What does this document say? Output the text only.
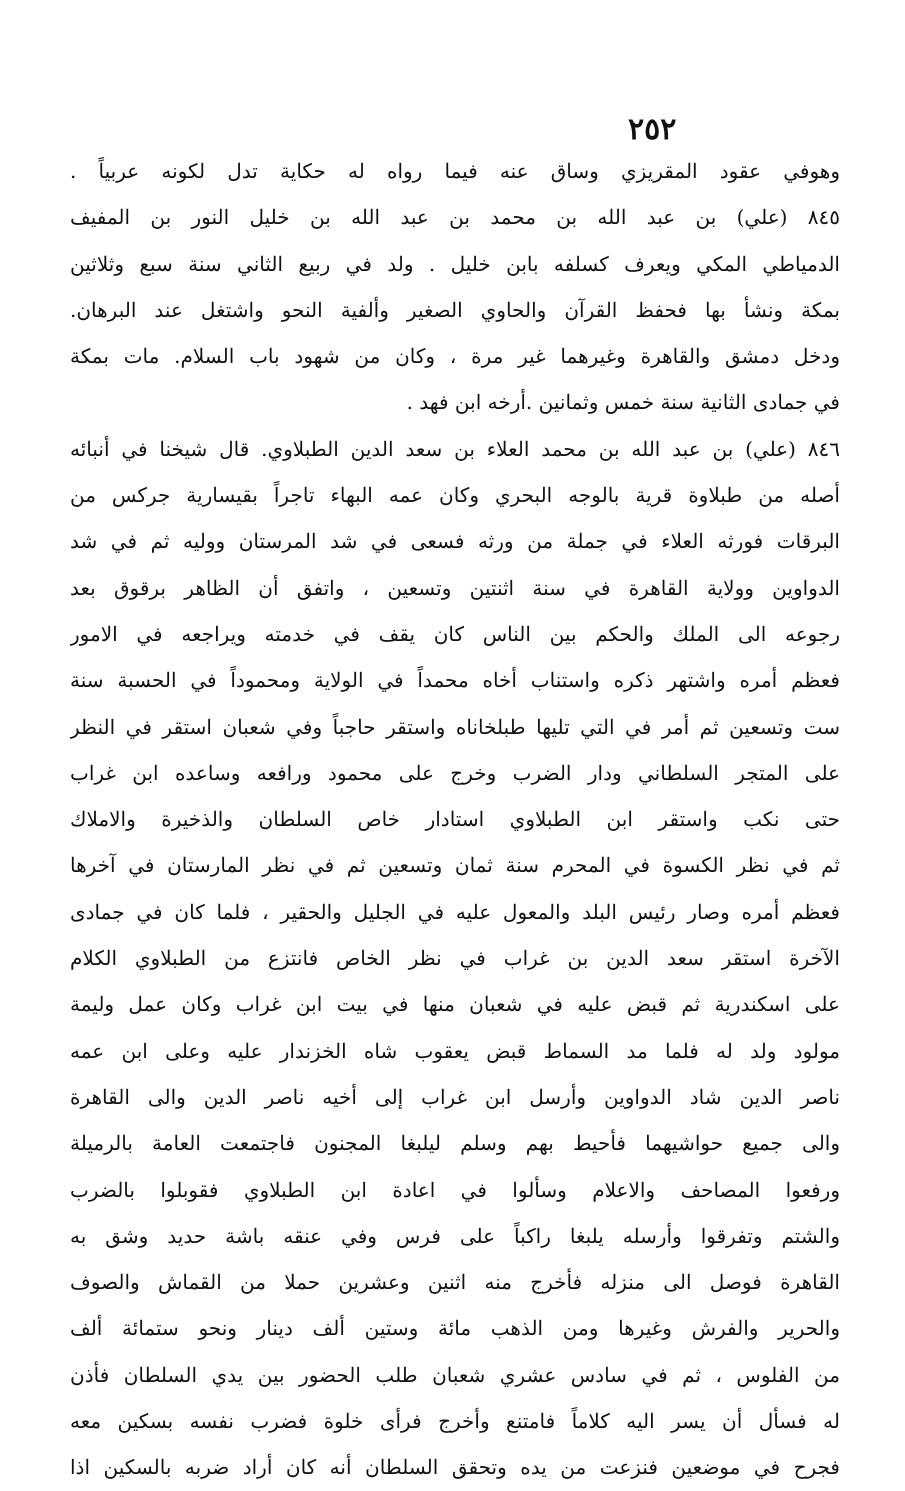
٢٥٢
وهوفي عقود المقريزي وساق عنه فيما رواه له حكاية تدل لكونه عربياً .
٨٤٥ (علي) بن عبد الله بن محمد بن عبد الله بن خليل النور بن المفيف
الدمياطي المكي ويعرف كسلفه بابن خليل . ولد في ربيع الثاني سنة سبع وثلاثين
بمكة ونشأ بها فحفظ القرآن والحاوي الصغير وألفية النحو واشتغل عند البرهان.
ودخل دمشق والقاهرة وغيرهما غير مرة ، وكان من شهود باب السلام. مات بمكة
في جمادى الثانية سنة خمس وثمانين .أرخه ابن فهد .
٨٤٦ (علي) بن عبد الله بن محمد العلاء بن سعد الدين الطبلاوي. قال شيخنا في أنبائه
أصله من طبلاوة قرية بالوجه البحري وكان عمه البهاء تاجراً بقيسارية جركس من
البرقات فورثه العلاء في جملة من ورثه فسعى في شد المرستان ووليه ثم في شد
الدواوين وولاية القاهرة في سنة اثنتين وتسعين ، واتفق أن الظاهر برقوق بعد
رجوعه الى الملك والحكم بين الناس كان يقف في خدمته ويراجعه في الامور
فعظم أمره واشتهر ذكره واستناب أخاه محمداً في الولاية ومحموداً في الحسبة سنة
ست وتسعين ثم أمر في التي تليها طبلخاناه واستقر حاجباً وفي شعبان استقر في النظر
على المتجر السلطاني ودار الضرب وخرج على محمود ورافعه وساعده ابن غراب
حتى نكب واستقر ابن الطبلاوي استادار خاص السلطان والذخيرة والاملاك
ثم في نظر الكسوة في المحرم سنة ثمان وتسعين ثم في نظر المارستان في آخرها
فعظم أمره وصار رئيس البلد والمعول عليه في الجليل والحقير ، فلما كان في جمادى
الآخرة استقر سعد الدين بن غراب في نظر الخاص فانتزع من الطبلاوي الكلام
على اسكندرية ثم قبض عليه في شعبان منها في بيت ابن غراب وكان عمل وليمة
مولود ولد له فلما مد السماط قبض يعقوب شاه الخزندار عليه وعلى ابن عمه
ناصر الدين شاد الدواوين وأرسل ابن غراب إلى أخيه ناصر الدين والى القاهرة
والى جميع حواشيهما فأحيط بهم وسلم ليلبغا المجنون فاجتمعت العامة بالرميلة
ورفعوا المصاحف والاعلام وسألوا في اعادة ابن الطبلاوي فقوبلوا بالضرب
والشتم وتفرقوا وأرسله يلبغا راكباً على فرس وفي عنقه باشة حديد وشق به
القاهرة فوصل الى منزله فأخرج منه اثنين وعشرين حملا من القماش والصوف
والحرير والفرش وغيرها ومن الذهب مائة وستين ألف دينار ونحو ستمائة ألف
من الفلوس ، ثم في سادس عشري شعبان طلب الحضور بين يدي السلطان فأذن
له فسأل أن يسر اليه كلاماً فامتنع وأخرج فرأى خلوة فضرب نفسه بسكين معه
فجرح في موضعين فنزعت من يده وتحقق السلطان أنه كان أراد ضربه بالسكين اذا
